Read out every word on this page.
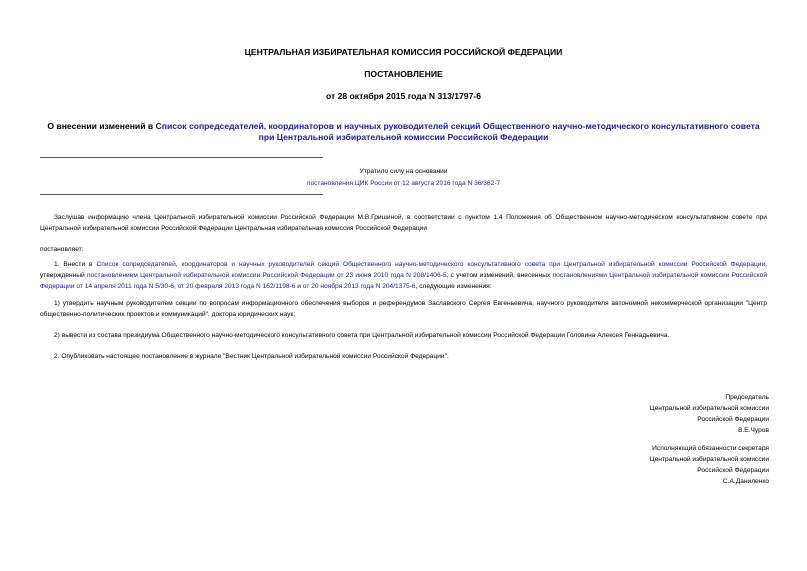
ЦЕНТРАЛЬНАЯ ИЗБИРАТЕЛЬНАЯ КОМИССИЯ РОССИЙСКОЙ ФЕДЕРАЦИИ
ПОСТАНОВЛЕНИЕ
от 28 октября 2015 года N 313/1797-6
О внесении изменений в Список сопредседателей, координаторов и научных руководителей секций Общественного научно-методического консультативного совета при Центральной избирательной комиссии Российской Федерации
Утратило силу на основании
постановления ЦИК России от 12 августа 2016 года N 36/362-7
Заслушав информацию члена Центральной избирательной комиссии Российской Федерации М.В.Гришиной, в соответствии с пунктом 1.4 Положения об Общественном научно-методическом консультативном совете при Центральной избирательной комиссии Российской Федерации Центральная избирательная комиссия Российской Федерации
постановляет:
1. Внести в Список сопредседателей, координаторов и научных руководителей секций Общественного научно-методического консультативного совета при Центральной избирательной комиссии Российской Федерации, утвержденный постановлением Центральной избирательной комиссии Российской Федерации от 23 июня 2010 года N 208/1406-5, с учетом изменений, внесенных постановлениями Центральной избирательной комиссии Российской Федерации от 14 апреля 2011 года N 5/30-6, от 20 февраля 2013 года N 162/1198-6 и от 20 ноября 2013 года N 204/1375-6, следующие изменения:
1) утвердить научным руководителем секции по вопросам информационного обеспечения выборов и референдумов Заславского Сергея Евгеньевича, научного руководителя автономной некоммерческой организации "Центр общественно-политических проектов и коммуникаций", доктора юридических наук;
2) вывести из состава президиума Общественного научно-методического консультативного совета при Центральной избирательной комиссии Российской Федерации Головина Алексея Геннадьевича.
2. Опубликовать настоящее постановление в журнале "Вестник Центральной избирательной комиссии Российской Федерации".
Председатель
Центральной избирательной комиссии
Российской Федерации
В.Е.Чуров
Исполняющий обязанности секретаря
Центральной избирательной комиссии
Российской Федерации
С.А.Даниленко
